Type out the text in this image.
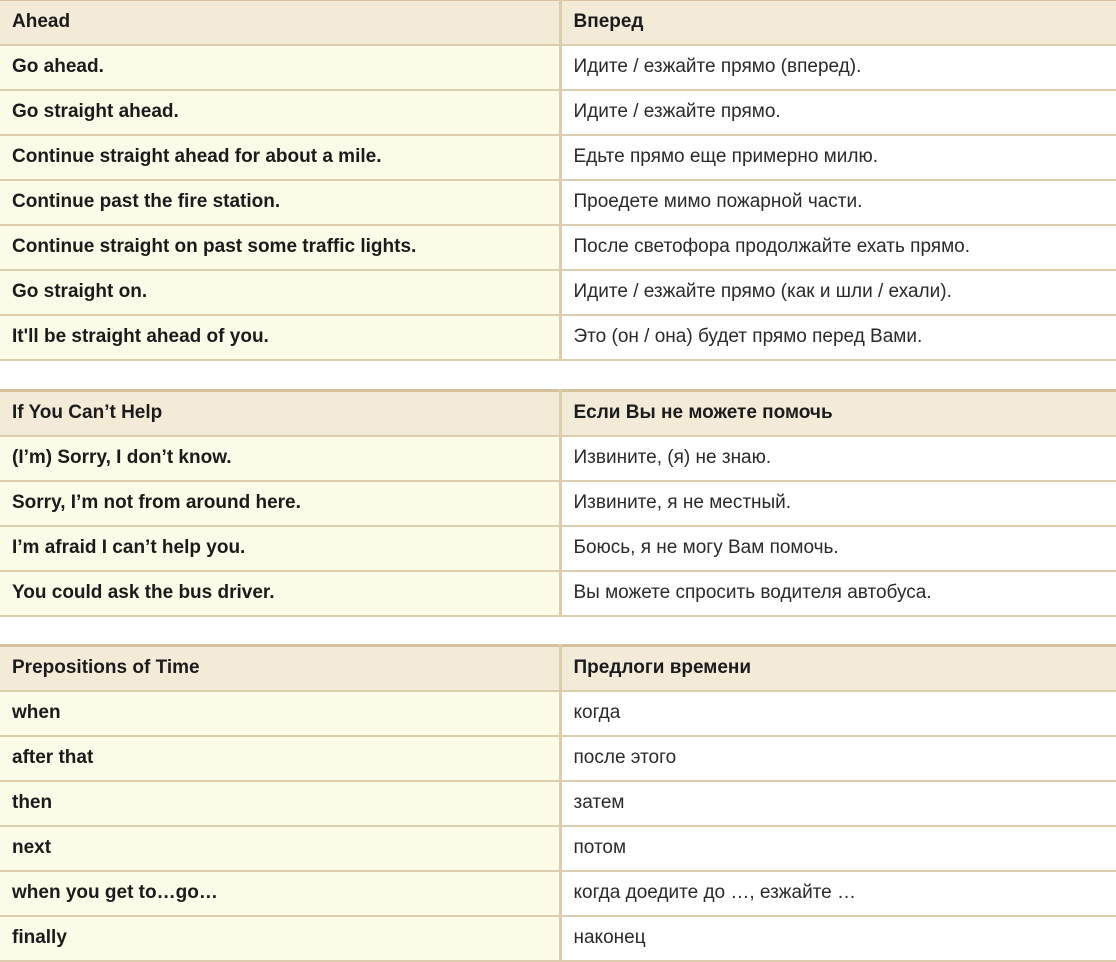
Ahead	Вперед
Go ahead.	Идите / езжайте прямо (вперед).
Go straight ahead.	Идите / езжайте прямо.
Continue straight ahead for about a mile.	Едьте прямо еще примерно милю.
Continue past the fire station.	Проедете мимо пожарной части.
Continue straight on past some traffic lights.	После светофора продолжайте ехать прямо.
Go straight on.	Идите / езжайте прямо (как и шли / ехали).
It'll be straight ahead of you.	Это (он / она) будет прямо перед Вами.
If You Can’t Help	Если Вы не можете помочь
(I’m) Sorry, I don’t know.	Извините, (я) не знаю.
Sorry, I’m not from around here.	Извините, я не местный.
I’m afraid I can’t help you.	Боюсь, я не могу Вам помочь.
You could ask the bus driver.	Вы можете спросить водителя автобуса.
Prepositions of Time	Предлоги времени
when	когда
after that	после этого
then	затем
next	потом
when you get to…go…	когда доедите до …, езжайте …
finally	наконец
